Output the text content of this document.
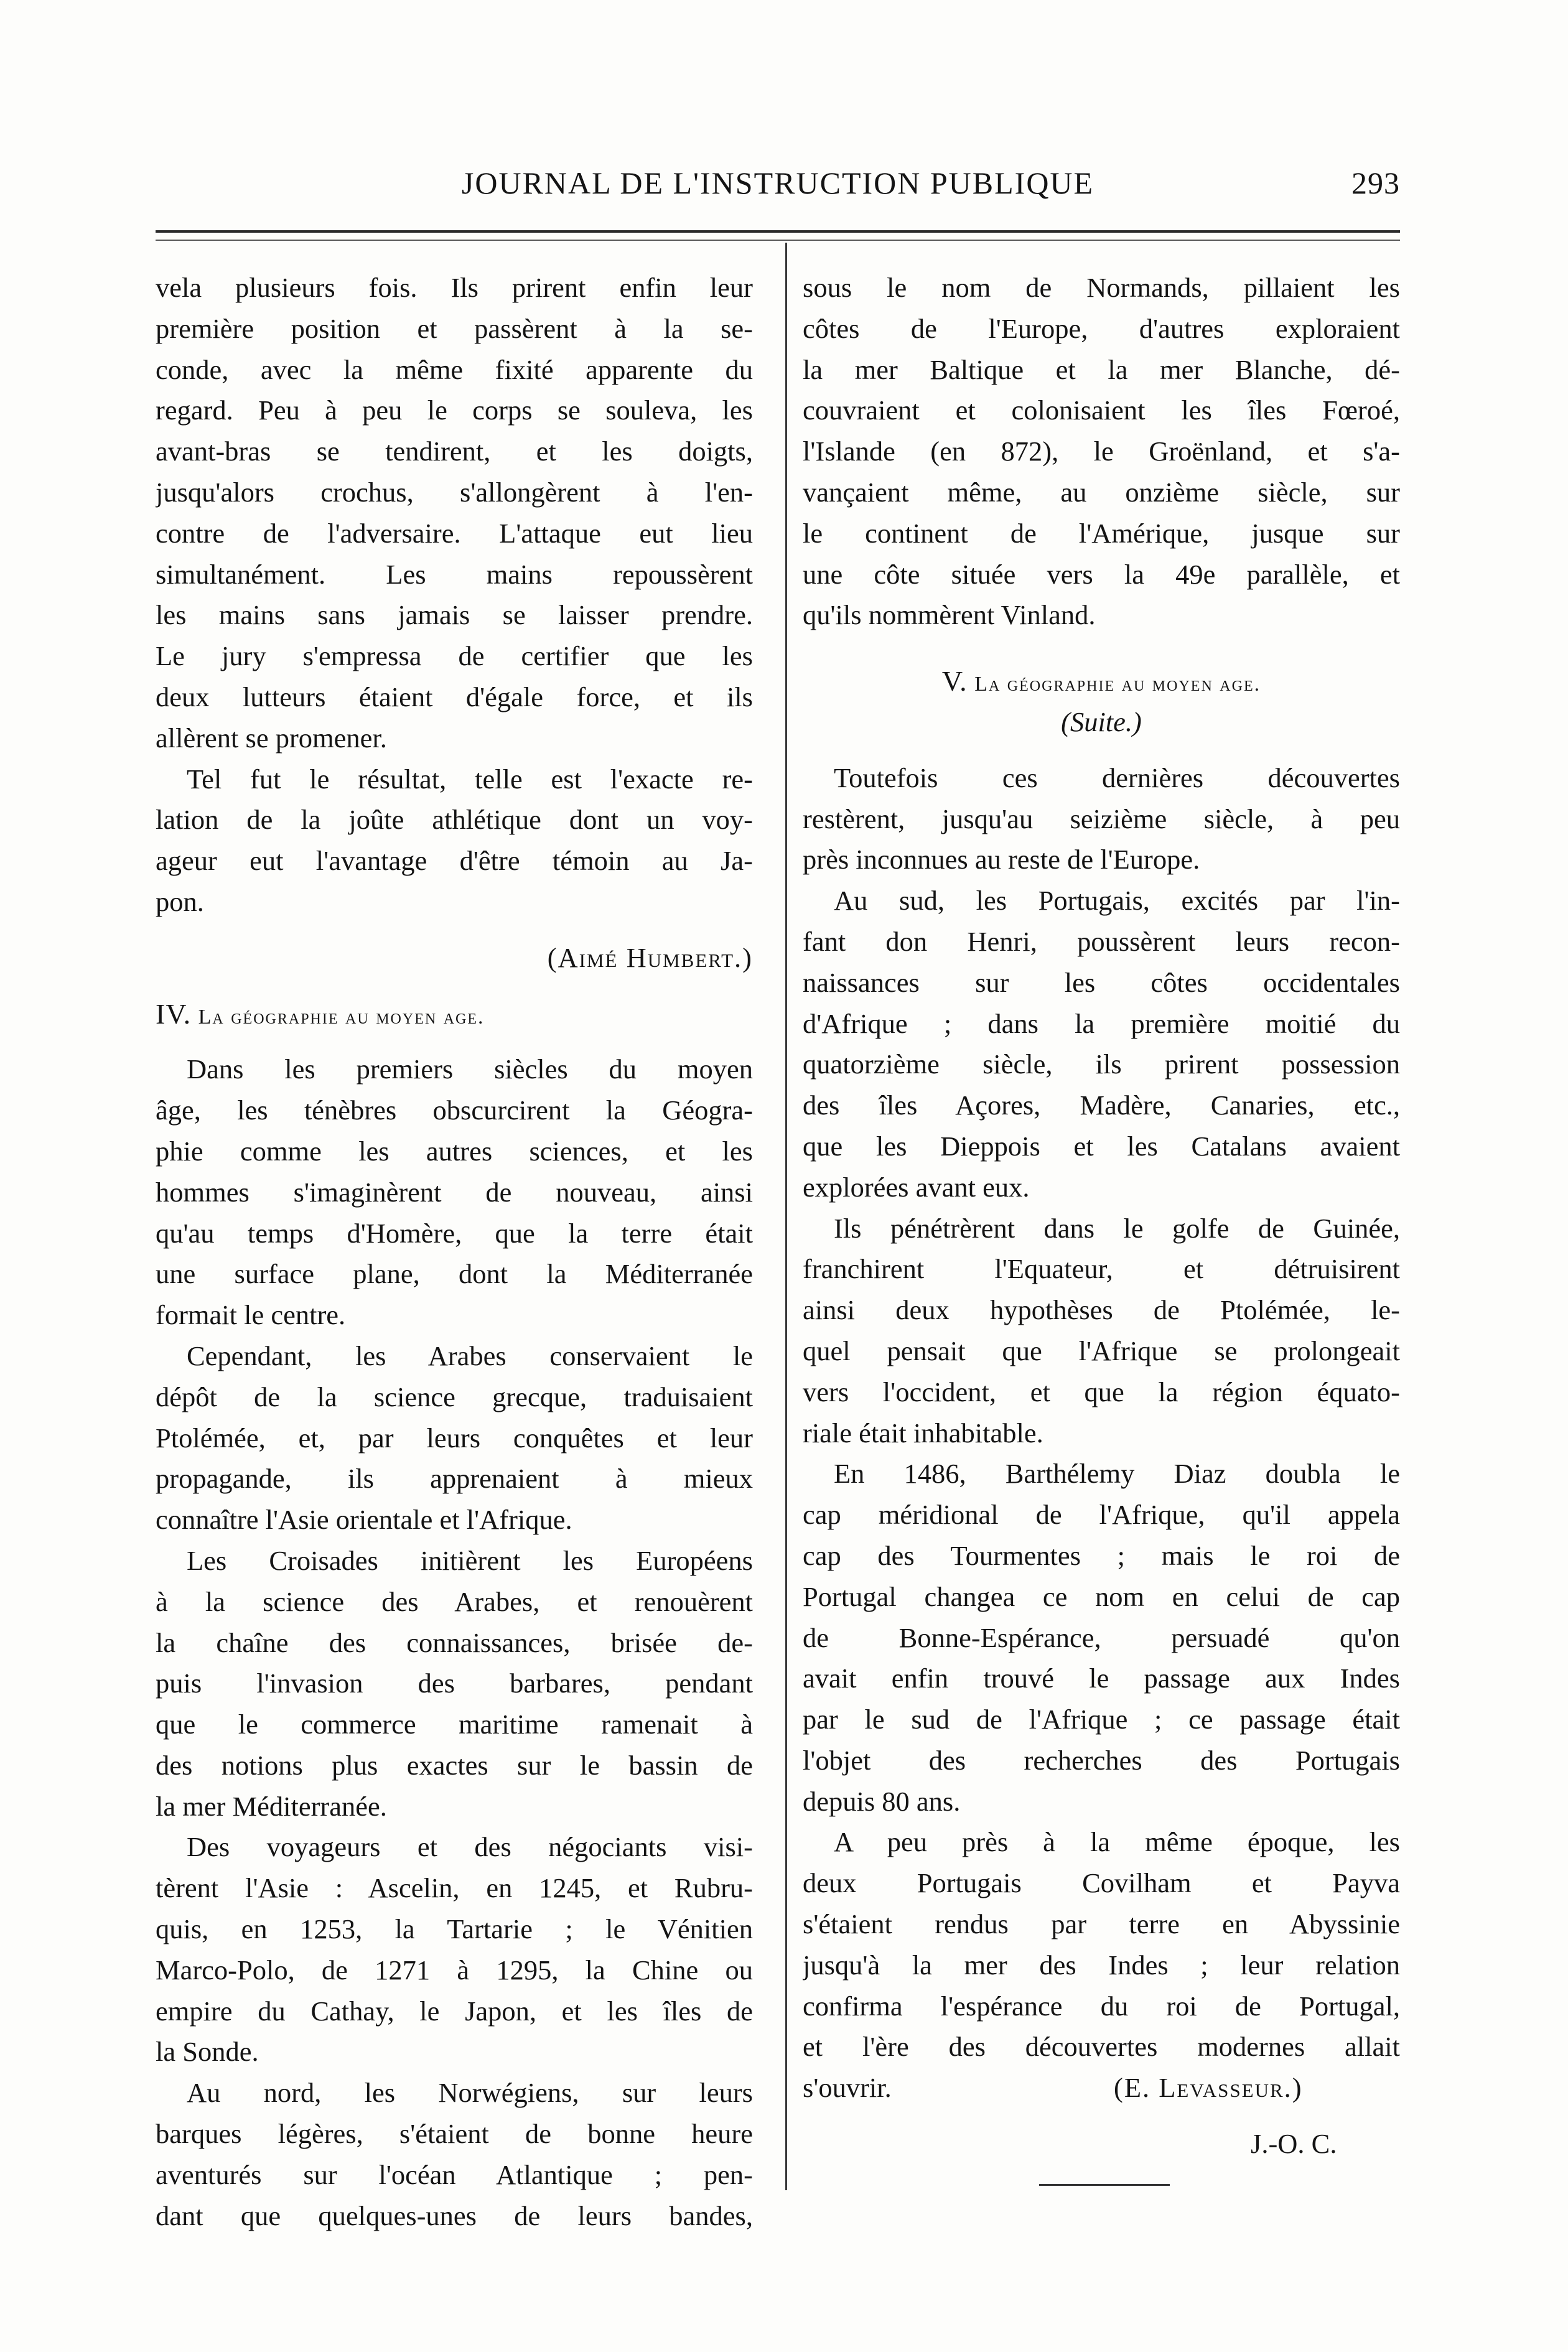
JOURNAL DE L'INSTRUCTION PUBLIQUE	293
vela plusieurs fois. Ils prirent enfin leur
première position et passèrent à la se-
conde, avec la même fixité apparente du
regard. Peu à peu le corps se souleva, les
avant-bras se tendirent, et les doigts,
jusqu'alors crochus, s'allongèrent à l'en-
contre de l'adversaire. L'attaque eut lieu
simultanément. Les mains repoussèrent
les mains sans jamais se laisser prendre.
Le jury s'empressa de certifier que les
deux lutteurs étaient d'égale force, et ils
allèrent se promener.
Tel fut le résultat, telle est l'exacte re-
lation de la joûte athlétique dont un voy-
ageur eut l'avantage d'être témoin au Ja-
pon.
(Aimé Humbert.)
IV. La géographie au moyen age.
Dans les premiers siècles du moyen
âge, les ténèbres obscurcirent la Géogra-
phie comme les autres sciences, et les
hommes s'imaginèrent de nouveau, ainsi
qu'au temps d'Homère, que la terre était
une surface plane, dont la Méditerranée
formait le centre.
Cependant, les Arabes conservaient le
dépôt de la science grecque, traduisaient
Ptolémée, et, par leurs conquêtes et leur
propagande, ils apprenaient à mieux
connaître l'Asie orientale et l'Afrique.
Les Croisades initièrent les Européens
à la science des Arabes, et renouèrent
la chaîne des connaissances, brisée de-
puis l'invasion des barbares, pendant
que le commerce maritime ramenait à
des notions plus exactes sur le bassin de
la mer Méditerranée.
Des voyageurs et des négociants visi-
tèrent l'Asie : Ascelin, en 1245, et Rubru-
quis, en 1253, la Tartarie ; le Vénitien
Marco-Polo, de 1271 à 1295, la Chine ou
empire du Cathay, le Japon, et les îles de
la Sonde.
Au nord, les Norwégiens, sur leurs
barques légères, s'étaient de bonne heure
aventurés sur l'océan Atlantique ; pen-
dant que quelques-unes de leurs bandes,
sous le nom de Normands, pillaient les
côtes de l'Europe, d'autres exploraient
la mer Baltique et la mer Blanche, dé-
couvraient et colonisaient les îles Fœroé,
l'Islande (en 872), le Groënland, et s'a-
vançaient même, au onzième siècle, sur
le continent de l'Amérique, jusque sur
une côte située vers la 49e parallèle, et
qu'ils nommèrent Vinland.
V. La géographie au moyen age.
(Suite.)
Toutefois ces dernières découvertes
restèrent, jusqu'au seizième siècle, à peu
près inconnues au reste de l'Europe.
Au sud, les Portugais, excités par l'in-
fant don Henri, poussèrent leurs recon-
naissances sur les côtes occidentales
d'Afrique ; dans la première moitié du
quatorzième siècle, ils prirent possession
des îles Açores, Madère, Canaries, etc.,
que les Dieppois et les Catalans avaient
explorées avant eux.
Ils pénétrèrent dans le golfe de Guinée,
franchirent l'Equateur, et détruisirent
ainsi deux hypothèses de Ptolémée, le-
quel pensait que l'Afrique se prolongeait
vers l'occident, et que la région équato-
riale était inhabitable.
En 1486, Barthélemy Diaz doubla le
cap méridional de l'Afrique, qu'il appela
cap des Tourmentes ; mais le roi de
Portugal changea ce nom en celui de cap
de Bonne-Espérance, persuadé qu'on
avait enfin trouvé le passage aux Indes
par le sud de l'Afrique ; ce passage était
l'objet des recherches des Portugais
depuis 80 ans.
A peu près à la même époque, les
deux Portugais Covilham et Payva
s'étaient rendus par terre en Abyssinie
jusqu'à la mer des Indes ; leur relation
confirma l'espérance du roi de Portugal,
et l'ère des découvertes modernes allait
s'ouvrir.	(E. Levasseur.)
J.-O. C.
